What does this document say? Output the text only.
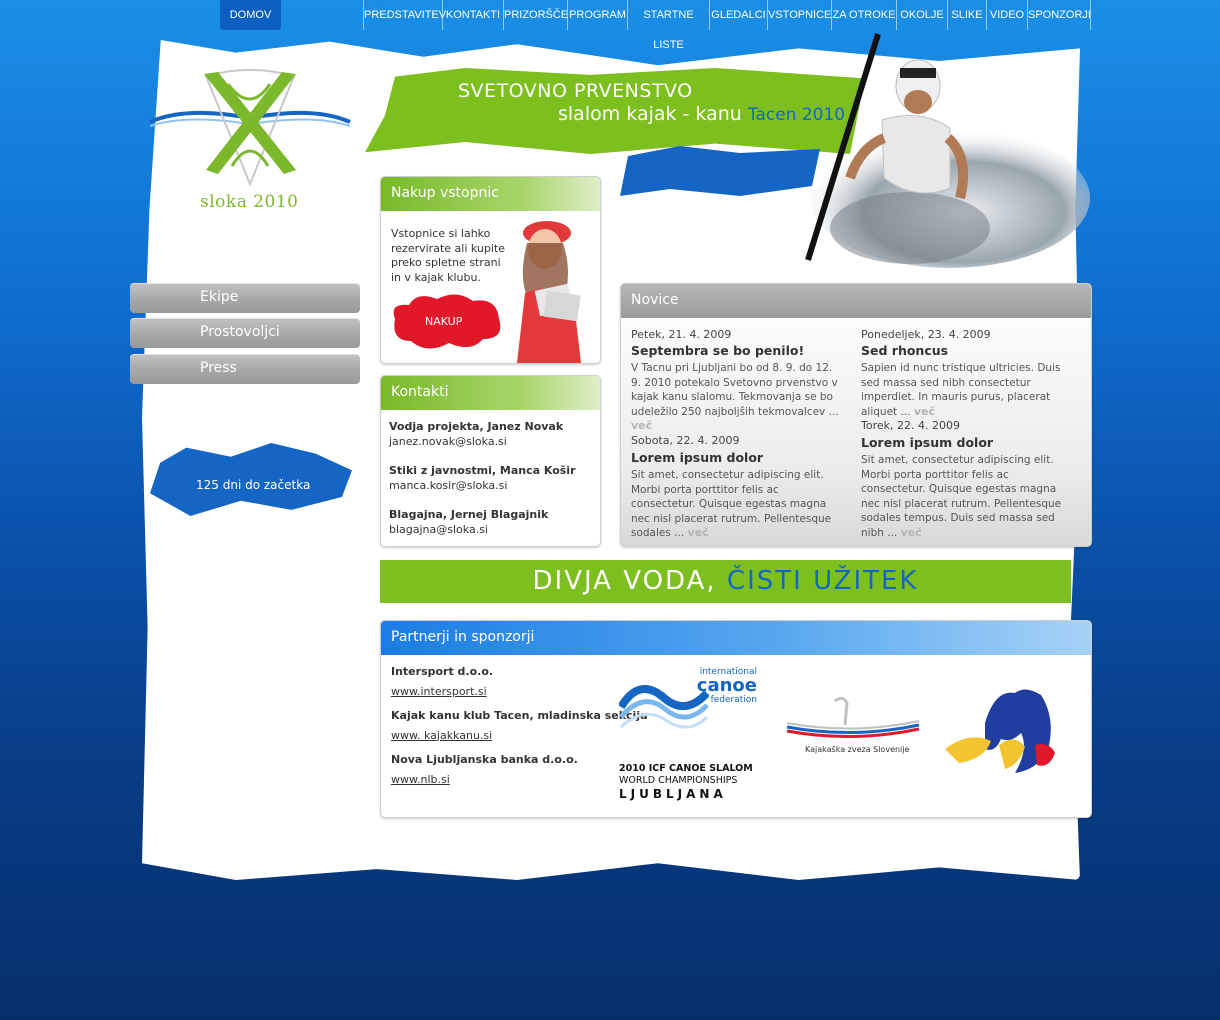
DOMOV	PREDSTAVITEV KONTAKTI PRIZORŠČE PROGRAM	STARTNE LISTE
GLEDALCI VSTOPNICE ZA OTROKE OKOLJE SLIKE VIDEO SPONZORJI
sloka 2010
SVETOVNO PRVENSTVO
slalom kajak - kanu Tacen 2010
Ekipe
Prostovoljci
Press
125 dni do začetka
Nakup vstopnic
Vstopnice si lahko rezervirate ali kupite preko spletne strani in v kajak klubu.
NAKUP
Kontakti
Vodja projekta, Janez Novak
janez.novak@sloka.si
Stiki z javnostmi, Manca Košir
manca.kosir@sloka.si
Blagajna, Jernej Blagajnik
blagajna@sloka.si
Novice
Petek, 21. 4. 2009
Septembra se bo penilo!
V Tacnu pri Ljubljani bo od 8. 9. do 12. 9. 2010 potekalo Svetovno prvenstvo v kajak kanu slalomu. Tekmovanja se bo udeležilo 250 najboljših tekmovalcev ... več
Ponedeljek, 23. 4. 2009
Sed rhoncus
Sapien id nunc tristique ultricies. Duis sed massa sed nibh consectetur imperdiet. In mauris purus, placerat aliquet ... več
Sobota, 22. 4. 2009
Lorem ipsum dolor
Sit amet, consectetur adipiscing elit. Morbi porta porttitor felis ac consectetur. Quisque egestas magna nec nisl placerat rutrum. Pellentesque sodales ... več
Torek, 22. 4. 2009
Lorem ipsum dolor
Sit amet, consectetur adipiscing elit. Morbi porta porttitor felis ac consectetur. Quisque egestas magna nec nisl placerat rutrum. Pellentesque sodales tempus. Duis sed massa sed nibh ... več
DIVJA VODA, ČISTI UŽITEK
Partnerji in sponzorji
Intersport d.o.o.
www.intersport.si
Kajak kanu klub Tacen, mladinska sekcija
www. kajakkanu.si
Nova Ljubljanska banka d.o.o.
www.nlb.si
international
canoe
federation
2010 ICF CANOE SLALOM
WORLD CHAMPIONSHIPS
LJUBLJANA
Kajakaška zveza Slovenije
